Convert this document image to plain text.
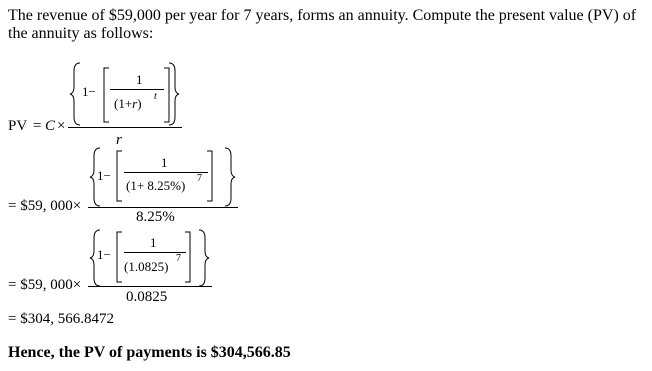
The revenue of $59,000 per year for 7 years, forms an annuity. Compute the present value (PV) of the annuity as follows:
PV = C ×
1−
1
(1+r) t
r
= $59, 000×
1−
1
(1+ 8.25%) 7
8.25%
= $59, 000×
1−
1
(1.0825)
7
0.0825
= $304, 566.8472
Hence, the PV of payments is $304,566.85
